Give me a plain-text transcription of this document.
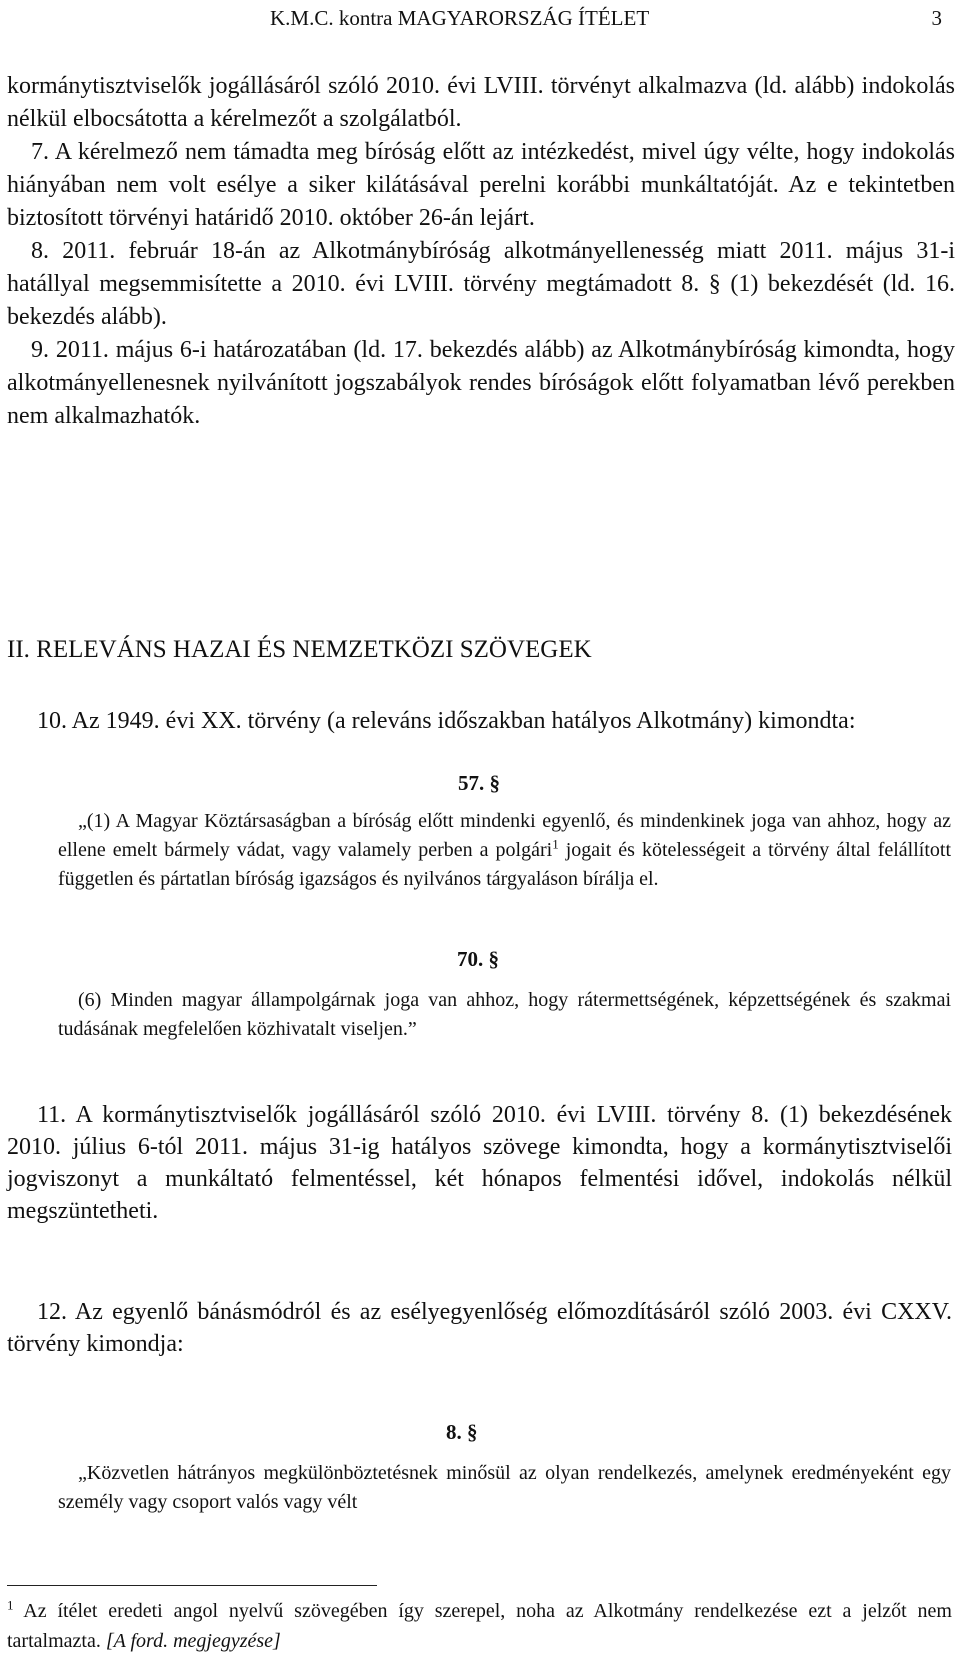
K.M.C. kontra MAGYARORSZÁG ÍTÉLET	3

kormánytisztviselők jogállásáról szóló 2010. évi LVIII. törvényt alkalmazva (ld. alább) indokolás nélkül elbocsátotta a kérelmezőt a szolgálatból.

7. A kérelmező nem támadta meg bíróság előtt az intézkedést, mivel úgy vélte, hogy indokolás hiányában nem volt esélye a siker kilátásával perelni korábbi munkáltatóját. Az e tekintetben biztosított törvényi határidő 2010. október 26-án lejárt.

8. 2011. február 18-án az Alkotmánybíróság alkotmányellenesség miatt 2011. május 31-i hatállyal megsemmisítette a 2010. évi LVIII. törvény megtámadott 8. § (1) bekezdését (ld. 16. bekezdés alább).

9. 2011. május 6-i határozatában (ld. 17. bekezdés alább) az Alkotmánybíróság kimondta, hogy alkotmányellenesnek nyilvánított jogszabályok rendes bíróságok előtt folyamatban lévő perekben nem alkalmazhatók.

II. RELEVÁNS HAZAI ÉS NEMZETKÖZI SZÖVEGEK
10. Az 1949. évi XX. törvény (a releváns időszakban hatályos Alkotmány) kimondta:
57. §
„(1) A Magyar Köztársaságban a bíróság előtt mindenki egyenlő, és mindenkinek joga van ahhoz, hogy az ellene emelt bármely vádat, vagy valamely perben a polgári$^1$ jogait és kötelességeit a törvény által felállított független és pártatlan bíróság igazságos és nyilvános tárgyaláson bírálja el.
70. §
(6) Minden magyar állampolgárnak joga van ahhoz, hogy rátermettségének, képzettségének és szakmai tudásának megfelelően közhivatalt viseljen.”
11. A kormánytisztviselők jogállásáról szóló 2010. évi LVIII. törvény 8. (1) bekezdésének 2010. július 6-tól 2011. május 31-ig hatályos szövege kimondta, hogy a kormánytisztviselői jogviszonyt a munkáltató felmentéssel, két hónapos felmentési idővel, indokolás nélkül megszüntetheti.
12. Az egyenlő bánásmódról és az esélyegyenlőség előmozdításáról szóló 2003. évi CXXV. törvény kimondja:
8. §
„Közvetlen hátrányos megkülönböztetésnek minősül az olyan rendelkezés, amelynek eredményeként egy személy vagy csoport valós vagy vélt
$^1$ Az ítélet eredeti angol nyelvű szövegében így szerepel, noha az Alkotmány rendelkezése ezt a jelzőt nem tartalmazta. [A ford. megjegyzése]
